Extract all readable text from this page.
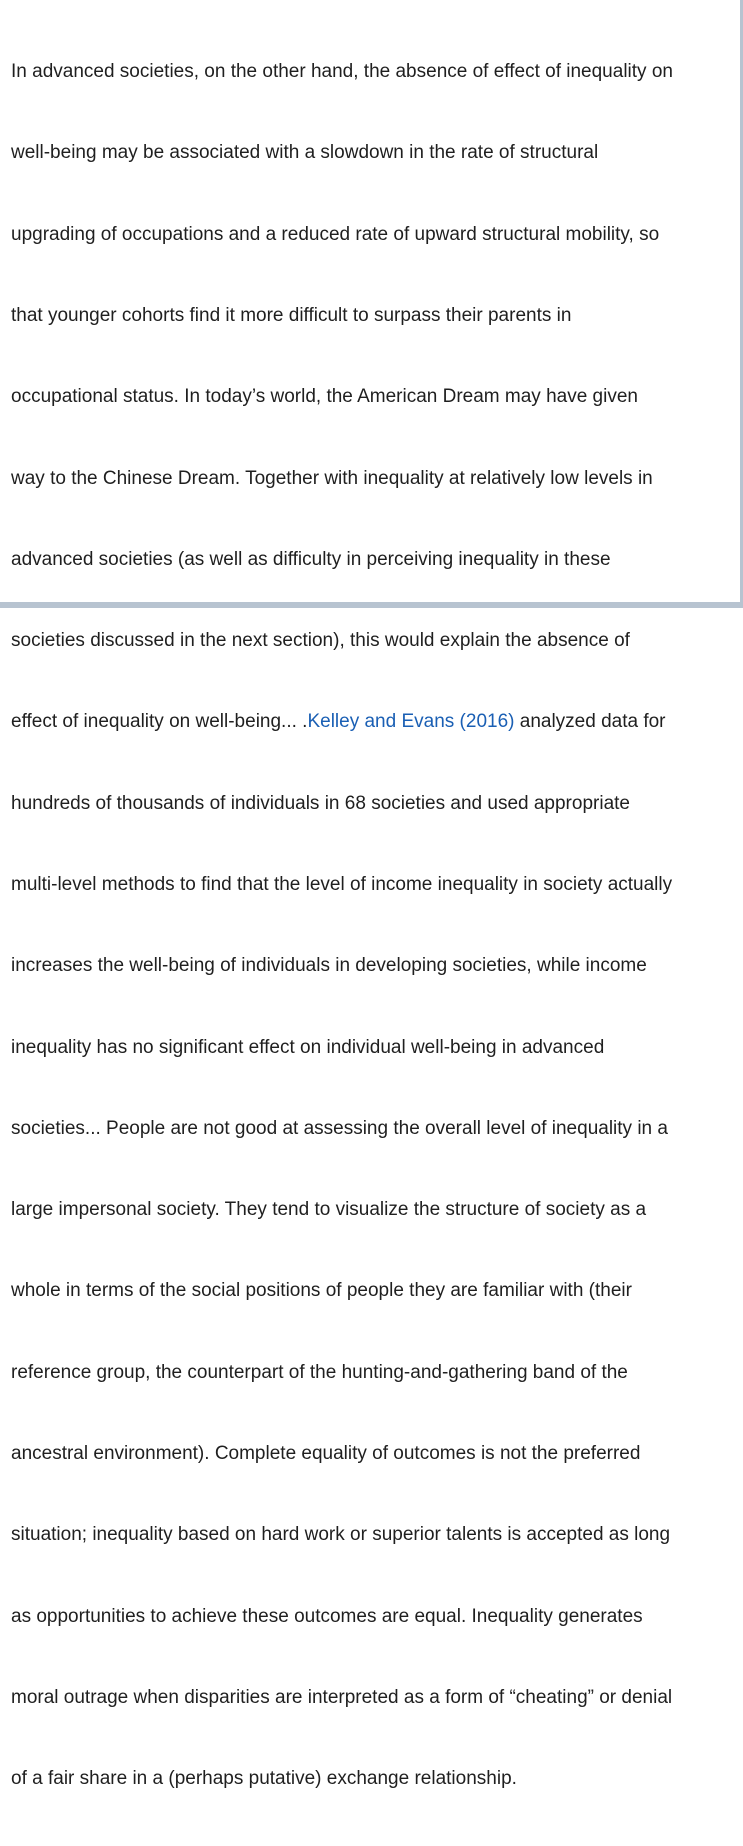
In advanced societies, on the other hand, the absence of effect of inequality on

well-being may be associated with a slowdown in the rate of structural

upgrading of occupations and a reduced rate of upward structural mobility, so

that younger cohorts find it more difficult to surpass their parents in

occupational status. In today’s world, the American Dream may have given

way to the Chinese Dream. Together with inequality at relatively low levels in

advanced societies (as well as difficulty in perceiving inequality in these

societies discussed in the next section), this would explain the absence of

effect of inequality on well-being... .Kelley and Evans (2016) analyzed data for

hundreds of thousands of individuals in 68 societies and used appropriate

multi-level methods to find that the level of income inequality in society actually

increases the well-being of individuals in developing societies, while income

inequality has no significant effect on individual well-being in advanced

societies... People are not good at assessing the overall level of inequality in a

large impersonal society. They tend to visualize the structure of society as a

whole in terms of the social positions of people they are familiar with (their

reference group, the counterpart of the hunting-and-gathering band of the

ancestral environment). Complete equality of outcomes is not the preferred

situation; inequality based on hard work or superior talents is accepted as long

as opportunities to achieve these outcomes are equal. Inequality generates

moral outrage when disparities are interpreted as a form of “cheating” or denial

of a fair share in a (perhaps putative) exchange relationship.
